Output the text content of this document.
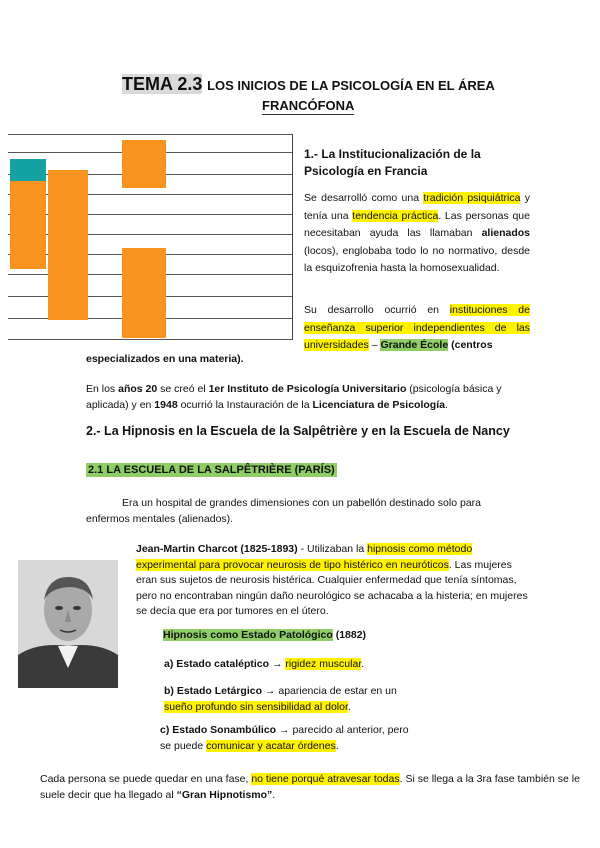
TEMA 2.3 LOS INICIOS DE LA PSICOLOGÍA EN EL ÁREA
FRANCÓFONA
1.- La Institucionalización de la Psicología en Francia
Se desarrolló como una tradición psiquiátrica y tenía una tendencia práctica. Las personas que necesitaban ayuda las llamaban alienados (locos), englobaba todo lo no normativo, desde la esquizofrenia hasta la homosexualidad.
Su desarrollo ocurrió en instituciones de enseñanza superior independientes de las universidades – Grande École (centros
especializados en una materia).
En los años 20 se creó el 1er Instituto de Psicología Universitario (psicología básica y aplicada) y en 1948 ocurrió la Instauración de la Licenciatura de Psicología.
2.- La Hipnosis en la Escuela de la Salpêtrière y en la Escuela de Nancy
2.1 LA ESCUELA DE LA SALPÊTRIÈRE (PARÍS)
Era un hospital de grandes dimensiones con un pabellón destinado solo para enfermos mentales (alienados).
Jean-Martin Charcot (1825-1893) - Utilizaban la hipnosis como método experimental para provocar neurosis de tipo histérico en neuróticos. Las mujeres eran sus sujetos de neurosis histérica. Cualquier enfermedad que tenía síntomas, pero no encontraban ningún daño neurológico se achacaba a la histeria; en mujeres se decía que era por tumores en el útero.
Hipnosis como Estado Patológico (1882)
a) Estado cataléptico → rigidez muscular.
b) Estado Letárgico → apariencia de estar en un sueño profundo sin sensibilidad al dolor.
c) Estado Sonambúlico → parecido al anterior, pero se puede comunicar y acatar órdenes.
Cada persona se puede quedar en una fase, no tiene porqué atravesar todas. Si se llega a la 3ra fase también se le suele decir que ha llegado al “Gran Hipnotismo”.
